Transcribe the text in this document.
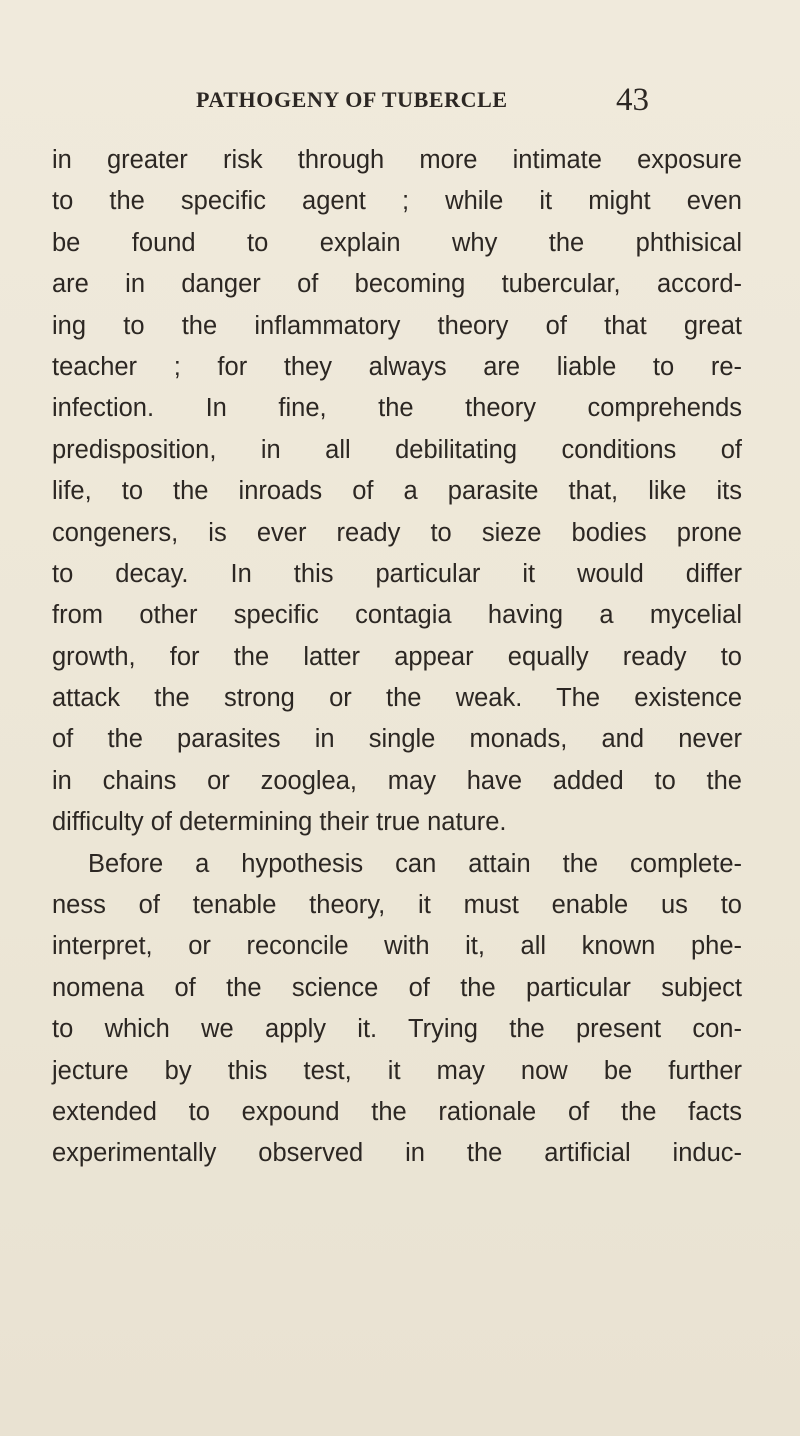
PATHOGENY OF TUBERCLE	43
in greater risk through more intimate exposure
to the specific agent ; while it might even
be found to explain why the phthisical
are in danger of becoming tubercular, accord-
ing to the inflammatory theory of that great
teacher ; for they always are liable to re-
infection. In fine, the theory comprehends
predisposition, in all debilitating conditions of
life, to the inroads of a parasite that, like its
congeners, is ever ready to sieze bodies prone
to decay. In this particular it would differ
from other specific contagia having a mycelial
growth, for the latter appear equally ready to
attack the strong or the weak. The existence
of the parasites in single monads, and never
in chains or zooglea, may have added to the
difficulty of determining their true nature.
Before a hypothesis can attain the complete-
ness of tenable theory, it must enable us to
interpret, or reconcile with it, all known phe-
nomena of the science of the particular subject
to which we apply it. Trying the present con-
jecture by this test, it may now be further
extended to expound the rationale of the facts
experimentally observed in the artificial induc-
